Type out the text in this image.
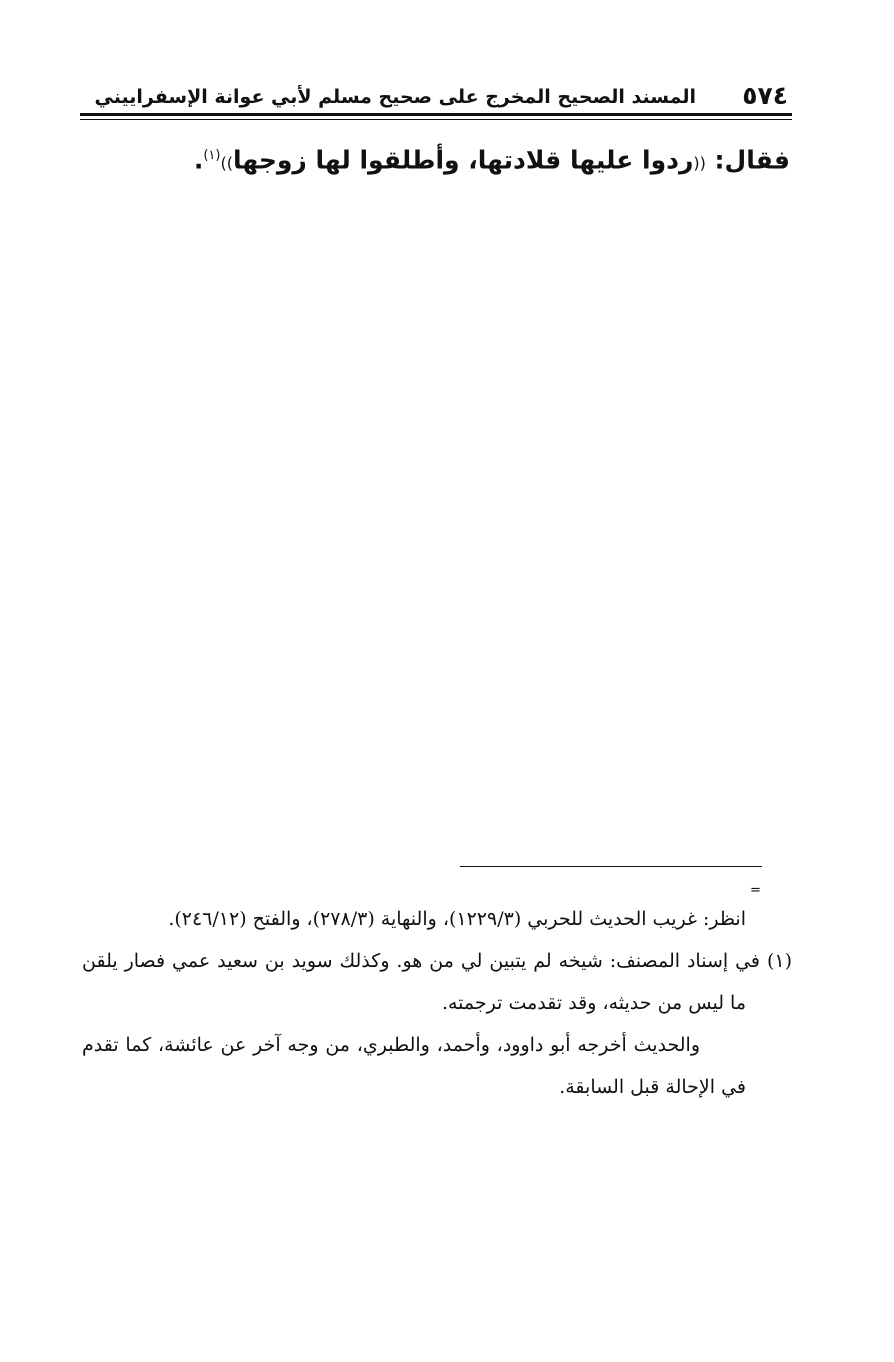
٥٧٤
المسند الصحيح المخرج على صحيح مسلم لأبي عوانة الإسفراييني
فقال: ((ردوا عليها قلادتها، وأطلقوا لها زوجها))$^{(١)}$.
=

انظر: غريب الحديث للحربي (١٢٢٩/٣)، والنهاية (٢٧٨/٣)، والفتح (٢٤٦/١٢).

(١) في إسناد المصنف: شيخه لم يتبين لي من هو. وكذلك سويد بن سعيد عمي فصار يلقن ما ليس من حديثه، وقد تقدمت ترجمته.

والحديث أخرجه أبو داوود، وأحمد، والطبري، من وجه آخر عن عائشة، كما تقدم في الإحالة قبل السابقة.
